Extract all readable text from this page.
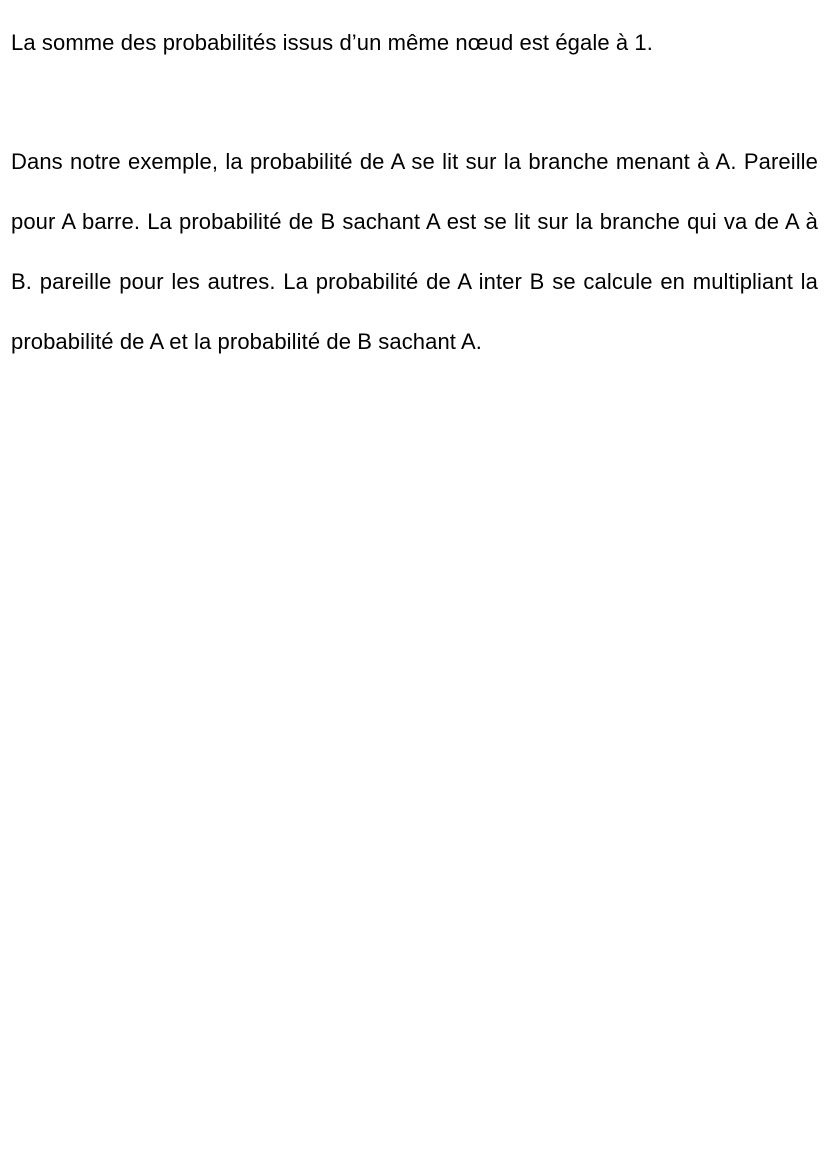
La somme des probabilités issus d’un même nœud est égale à 1.

Dans notre exemple, la probabilité de A se lit sur la branche menant à A. Pareille pour A barre. La probabilité de B sachant A est se lit sur la branche qui va de A à B. pareille pour les autres. La probabilité de A inter B se calcule en multipliant la probabilité de A et la probabilité de B sachant A.
